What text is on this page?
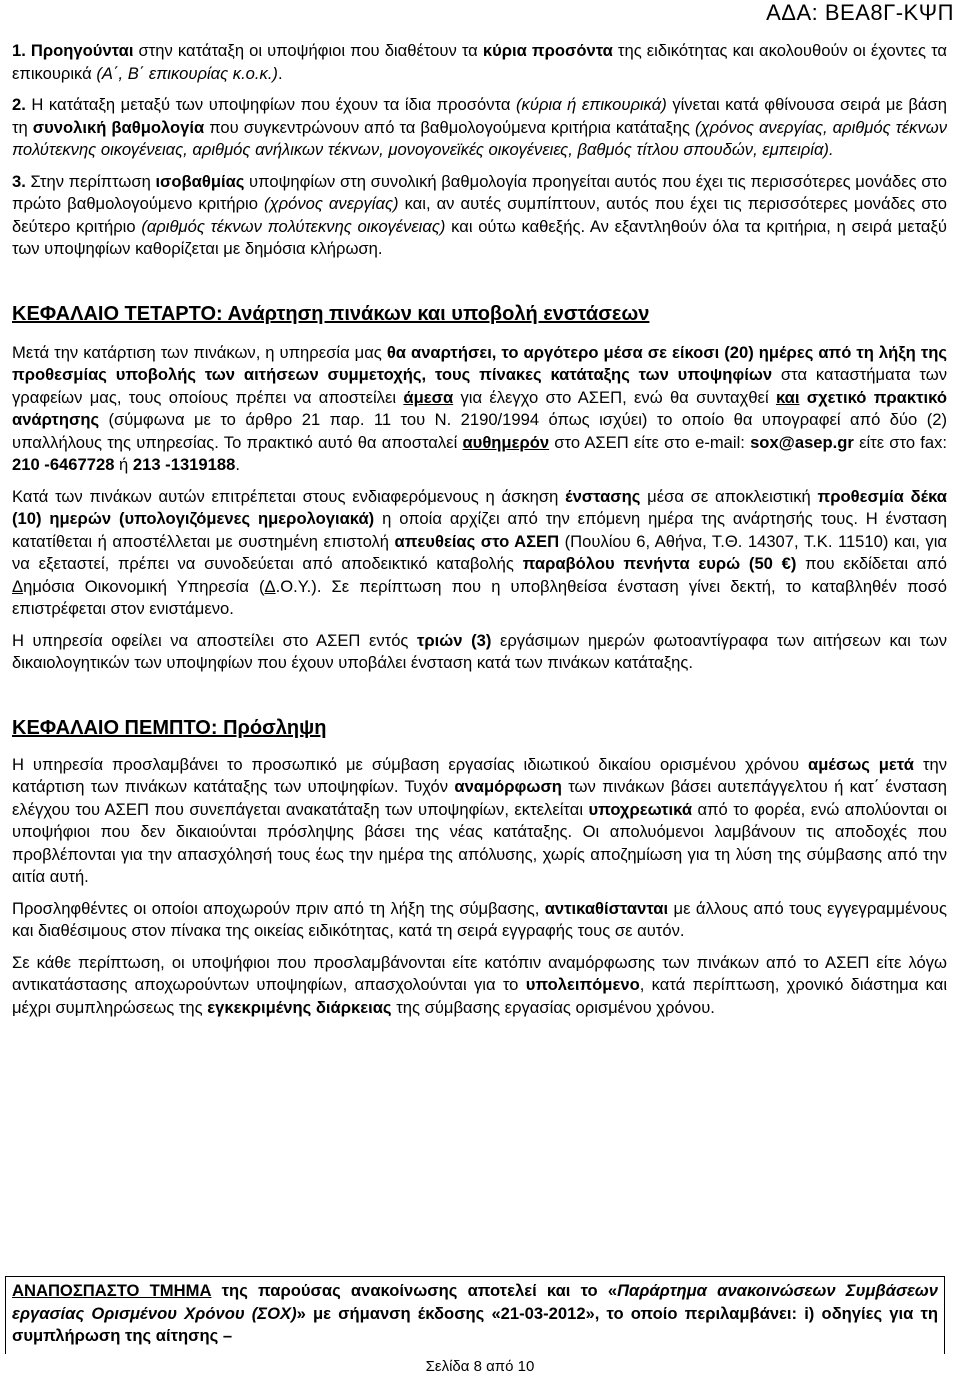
ΑΔΑ: ΒΕΑ8Γ-ΚΨΠ

1. Προηγούνται στην κατάταξη οι υποψήφιοι που διαθέτουν τα κύρια προσόντα της ειδικότητας και ακολουθούν οι έχοντες τα επικουρικά (Α΄, Β΄ επικουρίας κ.ο.κ.).

2. Η κατάταξη μεταξύ των υποψηφίων που έχουν τα ίδια προσόντα (κύρια ή επικουρικά) γίνεται κατά φθίνουσα σειρά με βάση τη συνολική βαθμολογία που συγκεντρώνουν από τα βαθμολογούμενα κριτήρια κατάταξης (χρόνος ανεργίας, αριθμός τέκνων πολύτεκνης οικογένειας, αριθμός ανήλικων τέκνων, μονογονεϊκές οικογένειες, βαθμός τίτλου σπουδών, εμπειρία).

3. Στην περίπτωση ισοβαθμίας υποψηφίων στη συνολική βαθμολογία προηγείται αυτός που έχει τις περισσότερες μονάδες στο πρώτο βαθμολογούμενο κριτήριο (χρόνος ανεργίας) και, αν αυτές συμπίπτουν, αυτός που έχει τις περισσότερες μονάδες στο δεύτερο κριτήριο (αριθμός τέκνων πολύτεκνης οικογένειας) και ούτω καθεξής. Αν εξαντληθούν όλα τα κριτήρια, η σειρά μεταξύ των υποψηφίων καθορίζεται με δημόσια κλήρωση.

ΚΕΦΑΛΑΙΟ ΤΕΤΑΡΤΟ: Ανάρτηση πινάκων και υποβολή ενστάσεων

Μετά την κατάρτιση των πινάκων, η υπηρεσία μας θα αναρτήσει, το αργότερο μέσα σε είκοσι (20) ημέρες από τη λήξη της προθεσμίας υποβολής των αιτήσεων συμμετοχής, τους πίνακες κατάταξης των υποψηφίων στα καταστήματα των γραφείων μας, τους οποίους πρέπει να αποστείλει άμεσα για έλεγχο στο ΑΣΕΠ, ενώ θα συνταχθεί και σχετικό πρακτικό ανάρτησης (σύμφωνα με το άρθρο 21 παρ. 11 του Ν. 2190/1994 όπως ισχύει) το οποίο θα υπογραφεί από δύο (2) υπαλλήλους της υπηρεσίας. Το πρακτικό αυτό θα αποσταλεί αυθημερόν στο ΑΣΕΠ είτε στο e-mail: sox@asep.gr είτε στο fax: 210 -6467728 ή 213 -1319188.

Κατά των πινάκων αυτών επιτρέπεται στους ενδιαφερόμενους η άσκηση ένστασης μέσα σε αποκλειστική προθεσμία δέκα (10) ημερών (υπολογιζόμενες ημερολογιακά) η οποία αρχίζει από την επόμενη ημέρα της ανάρτησής τους. Η ένσταση κατατίθεται ή αποστέλλεται με συστημένη επιστολή απευθείας στο ΑΣΕΠ (Πουλίου 6, Αθήνα, Τ.Θ. 14307, Τ.Κ. 11510) και, για να εξεταστεί, πρέπει να συνοδεύεται από αποδεικτικό καταβολής παραβόλου πενήντα ευρώ (50 €) που εκδίδεται από Δημόσια Οικονομική Υπηρεσία (Δ.Ο.Υ.). Σε περίπτωση που η υποβληθείσα ένσταση γίνει δεκτή, το καταβληθέν ποσό επιστρέφεται στον ενιστάμενο.

Η υπηρεσία οφείλει να αποστείλει στο ΑΣΕΠ εντός τριών (3) εργάσιμων ημερών φωτοαντίγραφα των αιτήσεων και των δικαιολογητικών των υποψηφίων που έχουν υποβάλει ένσταση κατά των πινάκων κατάταξης.

ΚΕΦΑΛΑΙΟ ΠΕΜΠΤΟ: Πρόσληψη

Η υπηρεσία προσλαμβάνει το προσωπικό με σύμβαση εργασίας ιδιωτικού δικαίου ορισμένου χρόνου αμέσως μετά την κατάρτιση των πινάκων κατάταξης των υποψηφίων. Τυχόν αναμόρφωση των πινάκων βάσει αυτεπάγγελτου ή κατ΄ ένσταση ελέγχου του ΑΣΕΠ που συνεπάγεται ανακατάταξη των υποψηφίων, εκτελείται υποχρεωτικά από το φορέα, ενώ απολύονται οι υποψήφιοι που δεν δικαιούνται πρόσληψης βάσει της νέας κατάταξης. Οι απολυόμενοι λαμβάνουν τις αποδοχές που προβλέπονται για την απασχόλησή τους έως την ημέρα της απόλυσης, χωρίς αποζημίωση για τη λύση της σύμβασης από την αιτία αυτή.

Προσληφθέντες οι οποίοι αποχωρούν πριν από τη λήξη της σύμβασης, αντικαθίστανται με άλλους από τους εγγεγραμμένους και διαθέσιμους στον πίνακα της οικείας ειδικότητας, κατά τη σειρά εγγραφής τους σε αυτόν.

Σε κάθε περίπτωση, οι υποψήφιοι που προσλαμβάνονται είτε κατόπιν αναμόρφωσης των πινάκων από το ΑΣΕΠ είτε λόγω αντικατάστασης αποχωρούντων υποψηφίων, απασχολούνται για το υπολειπόμενο, κατά περίπτωση, χρονικό διάστημα και μέχρι συμπληρώσεως της εγκεκριμένης διάρκειας της σύμβασης εργασίας ορισμένου χρόνου.

ΑΝΑΠΟΣΠΑΣΤΟ ΤΜΗΜΑ της παρούσας ανακοίνωσης αποτελεί και το «Παράρτημα ανακοινώσεων Συμβάσεων εργασίας Ορισμένου Χρόνου (ΣΟΧ)» με σήμανση έκδοσης «21-03-2012», το οποίο περιλαμβάνει: i) οδηγίες για τη συμπλήρωση της αίτησης –

Σελίδα 8 από 10
